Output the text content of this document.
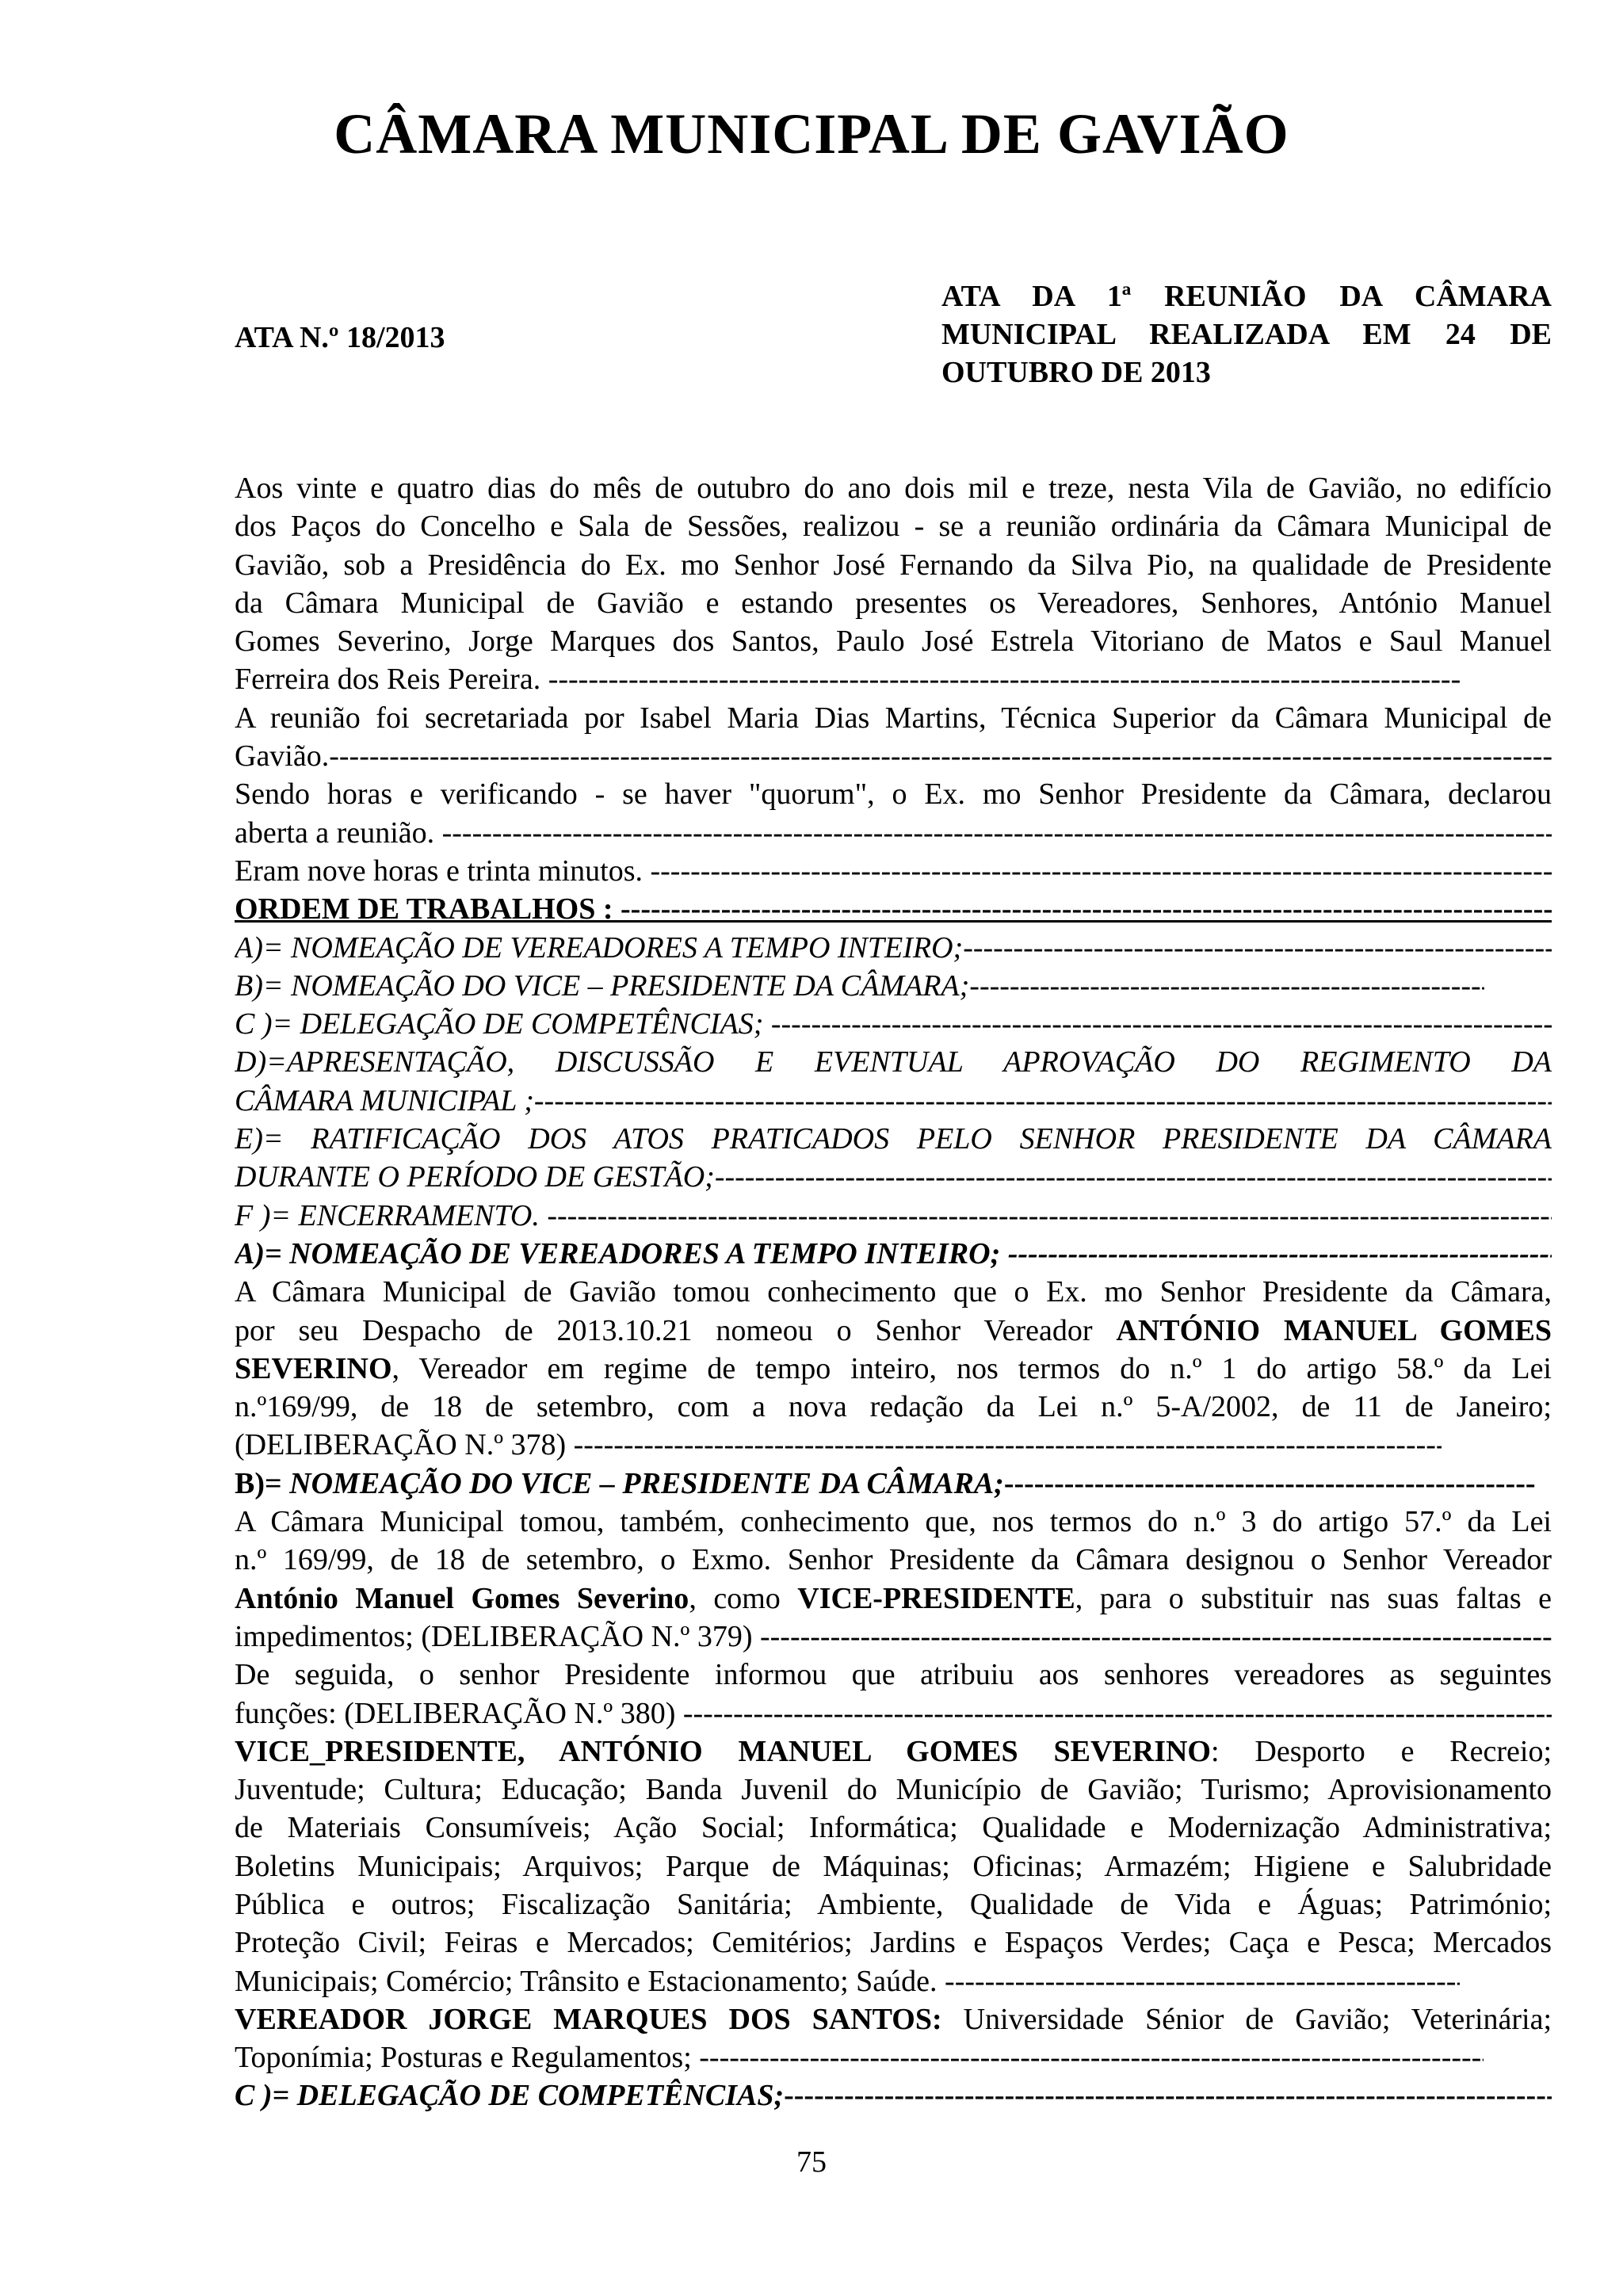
CÂMARA MUNICIPAL DE GAVIÃO

ATA N.º 18/2013

ATA DA 1ª REUNIÃO DA CÂMARA
MUNICIPAL REALIZADA EM 24 DE
OUTUBRO DE 2013
Aos vinte e quatro dias do mês de outubro do ano dois mil e treze, nesta Vila de Gavião, no edifício
dos Paços do Concelho e Sala de Sessões, realizou - se a reunião ordinária da Câmara Municipal de
Gavião, sob a Presidência do Ex. mo Senhor José Fernando da Silva Pio, na qualidade de Presidente
da Câmara Municipal de Gavião e estando presentes os Vereadores, Senhores, António Manuel
Gomes Severino, Jorge Marques dos Santos, Paulo José Estrela Vitoriano de Matos e Saul Manuel
Ferreira dos Reis Pereira.
-----
A reunião foi secretariada por Isabel Maria Dias Martins, Técnica Superior da Câmara Municipal de
Gavião.
-----
Sendo horas e verificando - se haver "quorum", o Ex. mo Senhor Presidente da Câmara, declarou
aberta a reunião.
-----
Eram nove horas e trinta minutos.
-----
ORDEM DE TRABALHOS :
-----
A)= NOMEAÇÃO DE VEREADORES A TEMPO INTEIRO;
-----
B)= NOMEAÇÃO DO VICE – PRESIDENTE DA CÂMARA;
-----
C )= DELEGAÇÃO DE COMPETÊNCIAS;
-----
D)=APRESENTAÇÃO, DISCUSSÃO E EVENTUAL APROVAÇÃO DO REGIMENTO DA
CÂMARA MUNICIPAL ;
-----
E)= RATIFICAÇÃO DOS ATOS PRATICADOS PELO SENHOR PRESIDENTE DA CÂMARA
DURANTE O PERÍODO DE GESTÃO;
-----
F )= ENCERRAMENTO.
-----
A)= NOMEAÇÃO DE VEREADORES A TEMPO INTEIRO;
-----
A Câmara Municipal de Gavião tomou conhecimento que o Ex. mo Senhor Presidente da Câmara,
por seu Despacho de 2013.10.21 nomeou o Senhor Vereador ANTÓNIO MANUEL GOMES
SEVERINO, Vereador em regime de tempo inteiro, nos termos do n.º 1 do artigo 58.º da Lei
n.º169/99, de 18 de setembro, com a nova redação da Lei n.º 5-A/2002, de 11 de Janeiro;
(DELIBERAÇÃO N.º 378)
-----
B)= NOMEAÇÃO DO VICE – PRESIDENTE DA CÂMARA;
-----
A Câmara Municipal tomou, também, conhecimento que, nos termos do n.º 3 do artigo 57.º da Lei
n.º 169/99, de 18 de setembro, o Exmo. Senhor Presidente da Câmara designou o Senhor Vereador
António Manuel Gomes Severino, como VICE-PRESIDENTE, para o substituir nas suas faltas e
impedimentos; (DELIBERAÇÃO N.º 379)
-----
De seguida, o senhor Presidente informou que atribuiu aos senhores vereadores as seguintes
funções: (DELIBERAÇÃO N.º 380)
-----
VICE_PRESIDENTE, ANTÓNIO MANUEL GOMES SEVERINO: Desporto e Recreio;
Juventude; Cultura; Educação; Banda Juvenil do Município de Gavião; Turismo; Aprovisionamento
de Materiais Consumíveis; Ação Social; Informática; Qualidade e Modernização Administrativa;
Boletins Municipais; Arquivos; Parque de Máquinas; Oficinas; Armazém; Higiene e Salubridade
Pública e outros; Fiscalização Sanitária; Ambiente, Qualidade de Vida e Águas; Património;
Proteção Civil; Feiras e Mercados; Cemitérios; Jardins e Espaços Verdes; Caça e Pesca; Mercados
Municipais; Comércio; Trânsito e Estacionamento; Saúde.
-----
VEREADOR JORGE MARQUES DOS SANTOS: Universidade Sénior de Gavião; Veterinária;
Toponímia; Posturas e Regulamentos;
-----
C )= DELEGAÇÃO DE COMPETÊNCIAS;
-----

75
